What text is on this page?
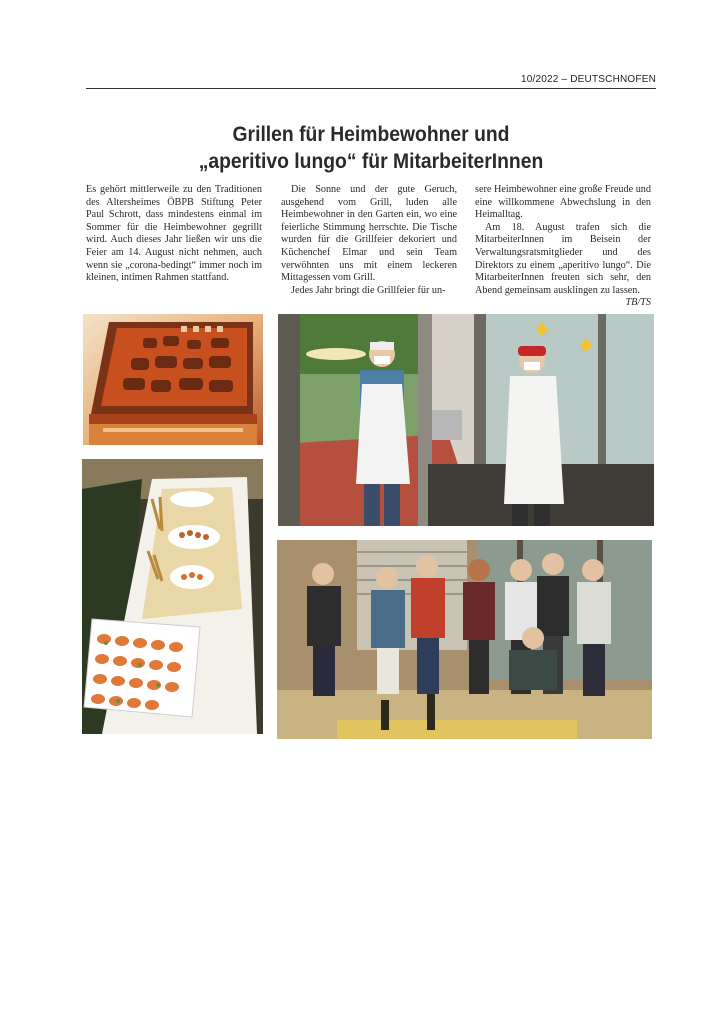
10/2022 – DEUTSCHNOFEN
Grillen für Heimbewohner und
„aperitivo lungo“ für MitarbeiterInnen

Es gehört mittlerweile zu den Traditionen des Altersheimes ÖBPB Stiftung Peter Paul Schrott, dass mindestens einmal im Sommer für die Heimbewohner gegrillt wird. Auch dieses Jahr ließen wir uns die Feier am 14. August nicht nehmen, auch wenn sie „corona-bedingt“ immer noch im kleinen, intimen Rahmen stattfand.

Die Sonne und der gute Geruch, ausgehend vom Grill, luden alle Heimbewohner in den Garten ein, wo eine feierliche Stimmung herrschte. Die Tische wurden für die Grillfeier dekoriert und Küchenchef Elmar und sein Team verwöhnten uns mit einem leckeren Mittagessen vom Grill.

Jedes Jahr bringt die Grillfeier für un-

sere Heimbewohner eine große Freude und eine willkommene Abwechslung in den Heimalltag.

Am 18. August trafen sich die MitarbeiterInnen im Beisein der Verwaltungsratsmitglieder und des Direktors zu einem „aperitivo lungo“. Die MitarbeiterInnen freuten sich sehr, den Abend gemeinsam ausklingen zu lassen.
TB/TS
